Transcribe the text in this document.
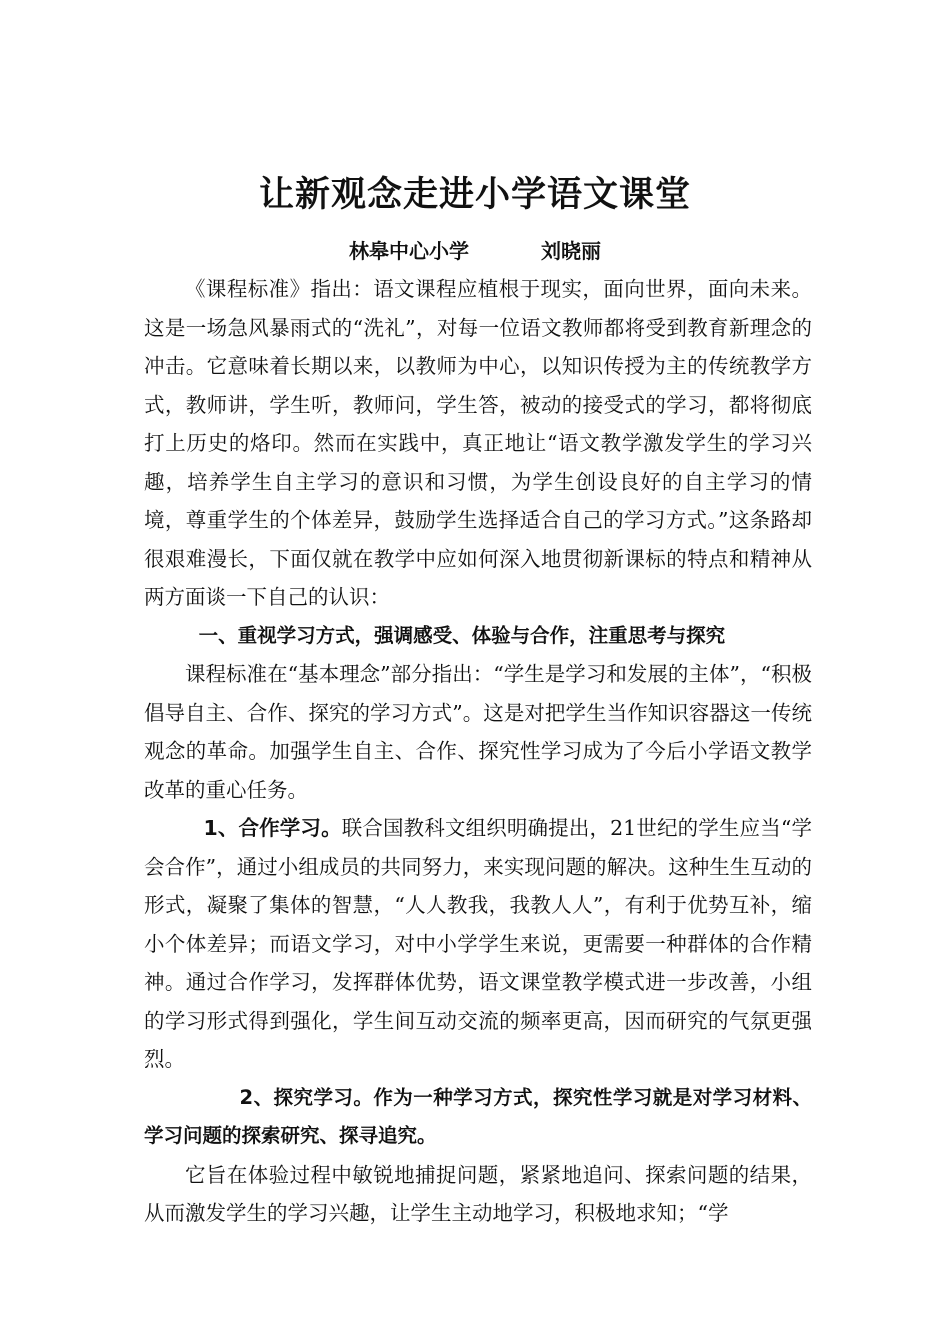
让新观念走进小学语文课堂
林皋中心小学	刘晓丽

《课程标准》指出：语文课程应植根于现实，面向世界，面向未来。这是一场急风暴雨式的“洗礼”，对每一位语文教师都将受到教育新理念的冲击。它意味着长期以来，以教师为中心，以知识传授为主的传统教学方式，教师讲，学生听，教师问，学生答，被动的接受式的学习，都将彻底打上历史的烙印。然而在实践中，真正地让“语文教学激发学生的学习兴趣，培养学生自主学习的意识和习惯，为学生创设良好的自主学习的情境，尊重学生的个体差异，鼓励学生选择适合自己的学习方式。”这条路却很艰难漫长，下面仅就在教学中应如何深入地贯彻新课标的特点和精神从两方面谈一下自己的认识：

一、重视学习方式，强调感受、体验与合作，注重思考与探究

课程标准在“基本理念”部分指出：“学生是学习和发展的主体”，“积极倡导自主、合作、探究的学习方式”。这是对把学生当作知识容器这一传统观念的革命。加强学生自主、合作、探究性学习成为了今后小学语文教学改革的重心任务。

1、合作学习。联合国教科文组织明确提出，21世纪的学生应当“学会合作”，通过小组成员的共同努力，来实现问题的解决。这种生生互动的形式，凝聚了集体的智慧，“人人教我，我教人人”，有利于优势互补，缩小个体差异；而语文学习，对中小学学生来说，更需要一种群体的合作精神。通过合作学习，发挥群体优势，语文课堂教学模式进一步改善，小组的学习形式得到强化，学生间互动交流的频率更高，因而研究的气氛更强烈。

2、探究学习。作为一种学习方式，探究性学习就是对学习材料、学习问题的探索研究、探寻追究。

它旨在体验过程中敏锐地捕捉问题，紧紧地追问、探索问题的结果，从而激发学生的学习兴趣，让学生主动地学习，积极地求知；“学
